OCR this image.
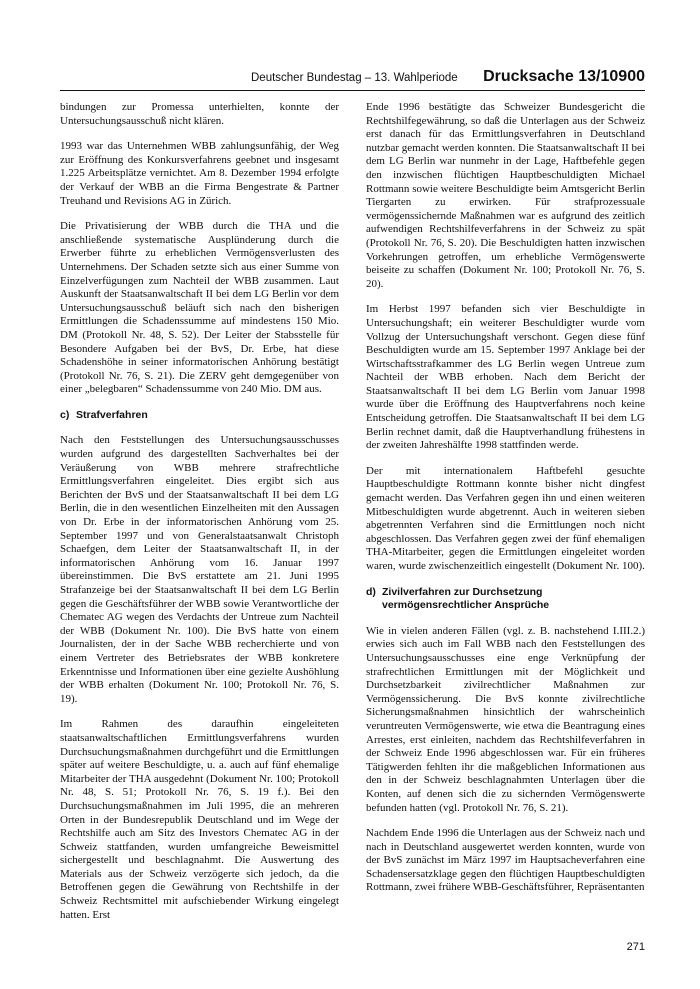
Deutscher Bundestag – 13. Wahlperiode Drucksache 13/10900

bindungen zur Promessa unterhielten, konnte der Untersuchungsausschuß nicht klären.

1993 war das Unternehmen WBB zahlungsunfähig, der Weg zur Eröffnung des Konkursverfahrens geebnet und insgesamt 1.225 Arbeitsplätze vernichtet. Am 8. Dezember 1994 erfolgte der Verkauf der WBB an die Firma Bengestrate & Partner Treuhand und Revisions AG in Zürich.

Die Privatisierung der WBB durch die THA und die anschließende systematische Ausplünderung durch die Erwerber führte zu erheblichen Vermögensverlusten des Unternehmens. Der Schaden setzte sich aus einer Summe von Einzelverfügungen zum Nachteil der WBB zusammen. Laut Auskunft der Staatsanwaltschaft II bei dem LG Berlin vor dem Untersuchungsausschuß beläuft sich nach den bisherigen Ermittlungen die Schadenssumme auf mindestens 150 Mio. DM (Protokoll Nr. 48, S. 52). Der Leiter der Stabsstelle für Besondere Aufgaben bei der BvS, Dr. Erbe, hat diese Schadenshöhe in seiner informatorischen Anhörung bestätigt (Protokoll Nr. 76, S. 21). Die ZERV geht demgegenüber von einer „belegbaren“ Schadenssumme von 240 Mio. DM aus.

c) Strafverfahren

Nach den Feststellungen des Untersuchungsausschusses wurden aufgrund des dargestellten Sachverhaltes bei der Veräußerung von WBB mehrere strafrechtliche Ermittlungsverfahren eingeleitet. Dies ergibt sich aus Berichten der BvS und der Staatsanwaltschaft II bei dem LG Berlin, die in den wesentlichen Einzelheiten mit den Aussagen von Dr. Erbe in der informatorischen Anhörung vom 25. September 1997 und von Generalstaatsanwalt Christoph Schaefgen, dem Leiter der Staatsanwaltschaft II, in der informatorischen Anhörung vom 16. Januar 1997 übereinstimmen. Die BvS erstattete am 21. Juni 1995 Strafanzeige bei der Staatsanwaltschaft II bei dem LG Berlin gegen die Geschäftsführer der WBB sowie Verantwortliche der Chematec AG wegen des Verdachts der Untreue zum Nachteil der WBB (Dokument Nr. 100). Die BvS hatte von einem Journalisten, der in der Sache WBB recherchierte und von einem Vertreter des Betriebsrates der WBB konkretere Erkenntnisse und Informationen über eine gezielte Aushöhlung der WBB erhalten (Dokument Nr. 100; Protokoll Nr. 76, S. 19).

Im Rahmen des daraufhin eingeleiteten staatsanwaltschaftlichen Ermittlungsverfahrens wurden Durchsuchungsmaßnahmen durchgeführt und die Ermittlungen später auf weitere Beschuldigte, u. a. auch auf fünf ehemalige Mitarbeiter der THA ausgedehnt (Dokument Nr. 100; Protokoll Nr. 48, S. 51; Protokoll Nr. 76, S. 19 f.). Bei den Durchsuchungsmaßnahmen im Juli 1995, die an mehreren Orten in der Bundesrepublik Deutschland und im Wege der Rechtshilfe auch am Sitz des Investors Chematec AG in der Schweiz stattfanden, wurden umfangreiche Beweismittel sichergestellt und beschlagnahmt. Die Auswertung des Materials aus der Schweiz verzögerte sich jedoch, da die Betroffenen gegen die Gewährung von Rechtshilfe in der Schweiz Rechtsmittel mit aufschiebender Wirkung eingelegt hatten. Erst

Ende 1996 bestätigte das Schweizer Bundesgericht die Rechtshilfegewährung, so daß die Unterlagen aus der Schweiz erst danach für das Ermittlungsverfahren in Deutschland nutzbar gemacht werden konnten. Die Staatsanwaltschaft II bei dem LG Berlin war nunmehr in der Lage, Haftbefehle gegen den inzwischen flüchtigen Hauptbeschuldigten Michael Rottmann sowie weitere Beschuldigte beim Amtsgericht Berlin Tiergarten zu erwirken. Für strafprozessuale vermögenssichernde Maßnahmen war es aufgrund des zeitlich aufwendigen Rechtshilfeverfahrens in der Schweiz zu spät (Protokoll Nr. 76, S. 20). Die Beschuldigten hatten inzwischen Vorkehrungen getroffen, um erhebliche Vermögenswerte beiseite zu schaffen (Dokument Nr. 100; Protokoll Nr. 76, S. 20).

Im Herbst 1997 befanden sich vier Beschuldigte in Untersuchungshaft; ein weiterer Beschuldigter wurde vom Vollzug der Untersuchungshaft verschont. Gegen diese fünf Beschuldigten wurde am 15. September 1997 Anklage bei der Wirtschaftsstrafkammer des LG Berlin wegen Untreue zum Nachteil der WBB erhoben. Nach dem Bericht der Staatsanwaltschaft II bei dem LG Berlin vom Januar 1998 wurde über die Eröffnung des Hauptverfahrens noch keine Entscheidung getroffen. Die Staatsanwaltschaft II bei dem LG Berlin rechnet damit, daß die Hauptverhandlung frühestens in der zweiten Jahreshälfte 1998 stattfinden werde.

Der mit internationalem Haftbefehl gesuchte Hauptbeschuldigte Rottmann konnte bisher nicht dingfest gemacht werden. Das Verfahren gegen ihn und einen weiteren Mitbeschuldigten wurde abgetrennt. Auch in weiteren sieben abgetrennten Verfahren sind die Ermittlungen noch nicht abgeschlossen. Das Verfahren gegen zwei der fünf ehemaligen THA-Mitarbeiter, gegen die Ermittlungen eingeleitet worden waren, wurde zwischenzeitlich eingestellt (Dokument Nr. 100).

d) Zivilverfahren zur Durchsetzung vermögensrechtlicher Ansprüche

Wie in vielen anderen Fällen (vgl. z. B. nachstehend I.III.2.) erwies sich auch im Fall WBB nach den Feststellungen des Untersuchungsausschusses eine enge Verknüpfung der strafrechtlichen Ermittlungen mit der Möglichkeit und Durchsetzbarkeit zivilrechtlicher Maßnahmen zur Vermögenssicherung. Die BvS konnte zivilrechtliche Sicherungsmaßnahmen hinsichtlich der wahrscheinlich veruntreuten Vermögenswerte, wie etwa die Beantragung eines Arrestes, erst einleiten, nachdem das Rechtshilfeverfahren in der Schweiz Ende 1996 abgeschlossen war. Für ein früheres Tätigwerden fehlten ihr die maßgeblichen Informationen aus den in der Schweiz beschlagnahmten Unterlagen über die Konten, auf denen sich die zu sichernden Vermögenswerte befunden hatten (vgl. Protokoll Nr. 76, S. 21).

Nachdem Ende 1996 die Unterlagen aus der Schweiz nach und nach in Deutschland ausgewertet werden konnten, wurde von der BvS zunächst im März 1997 im Hauptsacheverfahren eine Schadensersatzklage gegen den flüchtigen Hauptbeschuldigten Rottmann, zwei frühere WBB-Geschäftsführer, Repräsentanten

271
